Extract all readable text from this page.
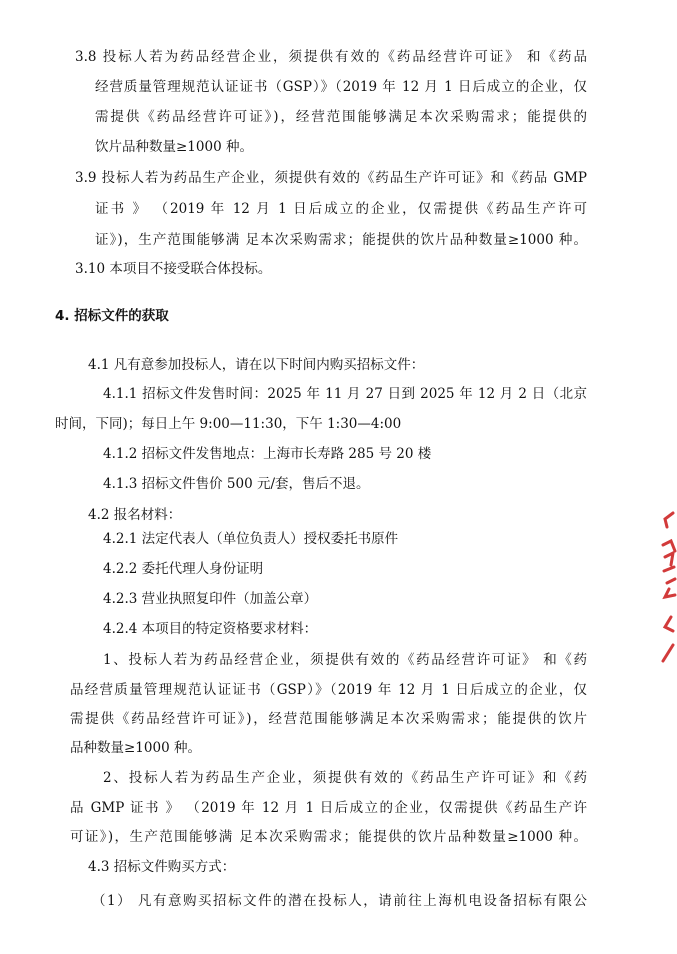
3.8 投标人若为药品经营企业，须提供有效的《药品经营许可证》 和《药品
经营质量管理规范认证证书（GSP）》（2019 年 12 月 1 日后成立的企业，仅
需提供《药品经营许可证》)，经营范围能够满足本次采购需求；能提供的
饮片品种数量≥1000 种。
3.9 投标人若为药品生产企业，须提供有效的《药品生产许可证》和《药品 GMP
证书 》 （2019 年 12 月 1 日后成立的企业，仅需提供《药品生产许可
证》)，生产范围能够满 足本次采购需求；能提供的饮片品种数量≥1000 种。
3.10 本项目不接受联合体投标。
4. 招标文件的获取
4.1 凡有意参加投标人，请在以下时间内购买招标文件：
4.1.1 招标文件发售时间：2025 年 11 月 27 日到 2025 年 12 月 2 日（北京
时间，下同)；每日上午 9:00—11:30，下午 1:30—4:00
4.1.2 招标文件发售地点：上海市长寿路 285 号 20 楼
4.1.3 招标文件售价 500 元/套，售后不退。
4.2 报名材料：
4.2.1 法定代表人（单位负责人）授权委托书原件
4.2.2 委托代理人身份证明
4.2.3 营业执照复印件（加盖公章）
4.2.4 本项目的特定资格要求材料：
1、投标人若为药品经营企业，须提供有效的《药品经营许可证》 和《药
品经营质量管理规范认证证书（GSP）》（2019 年 12 月 1 日后成立的企业，仅
需提供《药品经营许可证》)，经营范围能够满足本次采购需求；能提供的饮片
品种数量≥1000 种。
2、投标人若为药品生产企业，须提供有效的《药品生产许可证》和《药
品 GMP 证书 》 （2019 年 12 月 1 日后成立的企业，仅需提供《药品生产许
可证》)，生产范围能够满 足本次采购需求；能提供的饮片品种数量≥1000 种。
4.3 招标文件购买方式：
（1） 凡有意购买招标文件的潜在投标人，请前往上海机电设备招标有限公
